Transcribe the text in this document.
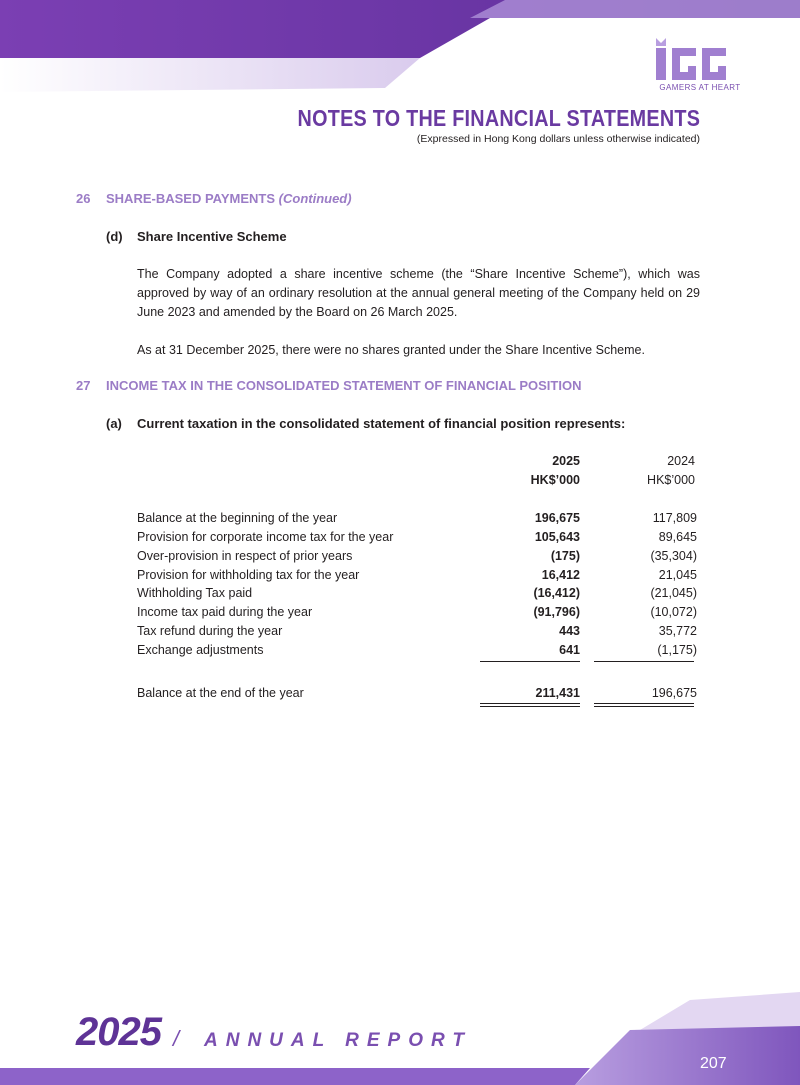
GAMERS AT HEART
NOTES TO THE FINANCIAL STATEMENTS
(Expressed in Hong Kong dollars unless otherwise indicated)
26 SHARE-BASED PAYMENTS (Continued)
(d) Share Incentive Scheme
The Company adopted a share incentive scheme (the “Share Incentive Scheme”), which was approved by way of an ordinary resolution at the annual general meeting of the Company held on 29 June 2023 and amended by the Board on 26 March 2025.
As at 31 December 2025, there were no shares granted under the Share Incentive Scheme.
27 INCOME TAX IN THE CONSOLIDATED STATEMENT OF FINANCIAL POSITION
(a) Current taxation in the consolidated statement of financial position represents:
2025	2024
HK$’000	HK$’000
Balance at the beginning of the year	196,675	117,809
Provision for corporate income tax for the year	105,643	89,645
Over-provision in respect of prior years	(175)	(35,304)
Provision for withholding tax for the year	16,412	21,045
Withholding Tax paid	(16,412)	(21,045)
Income tax paid during the year	(91,796)	(10,072)
Tax refund during the year	443	35,772
Exchange adjustments	641	(1,175)
Balance at the end of the year	211,431	196,675
2025 / ANNUAL REPORT
207
